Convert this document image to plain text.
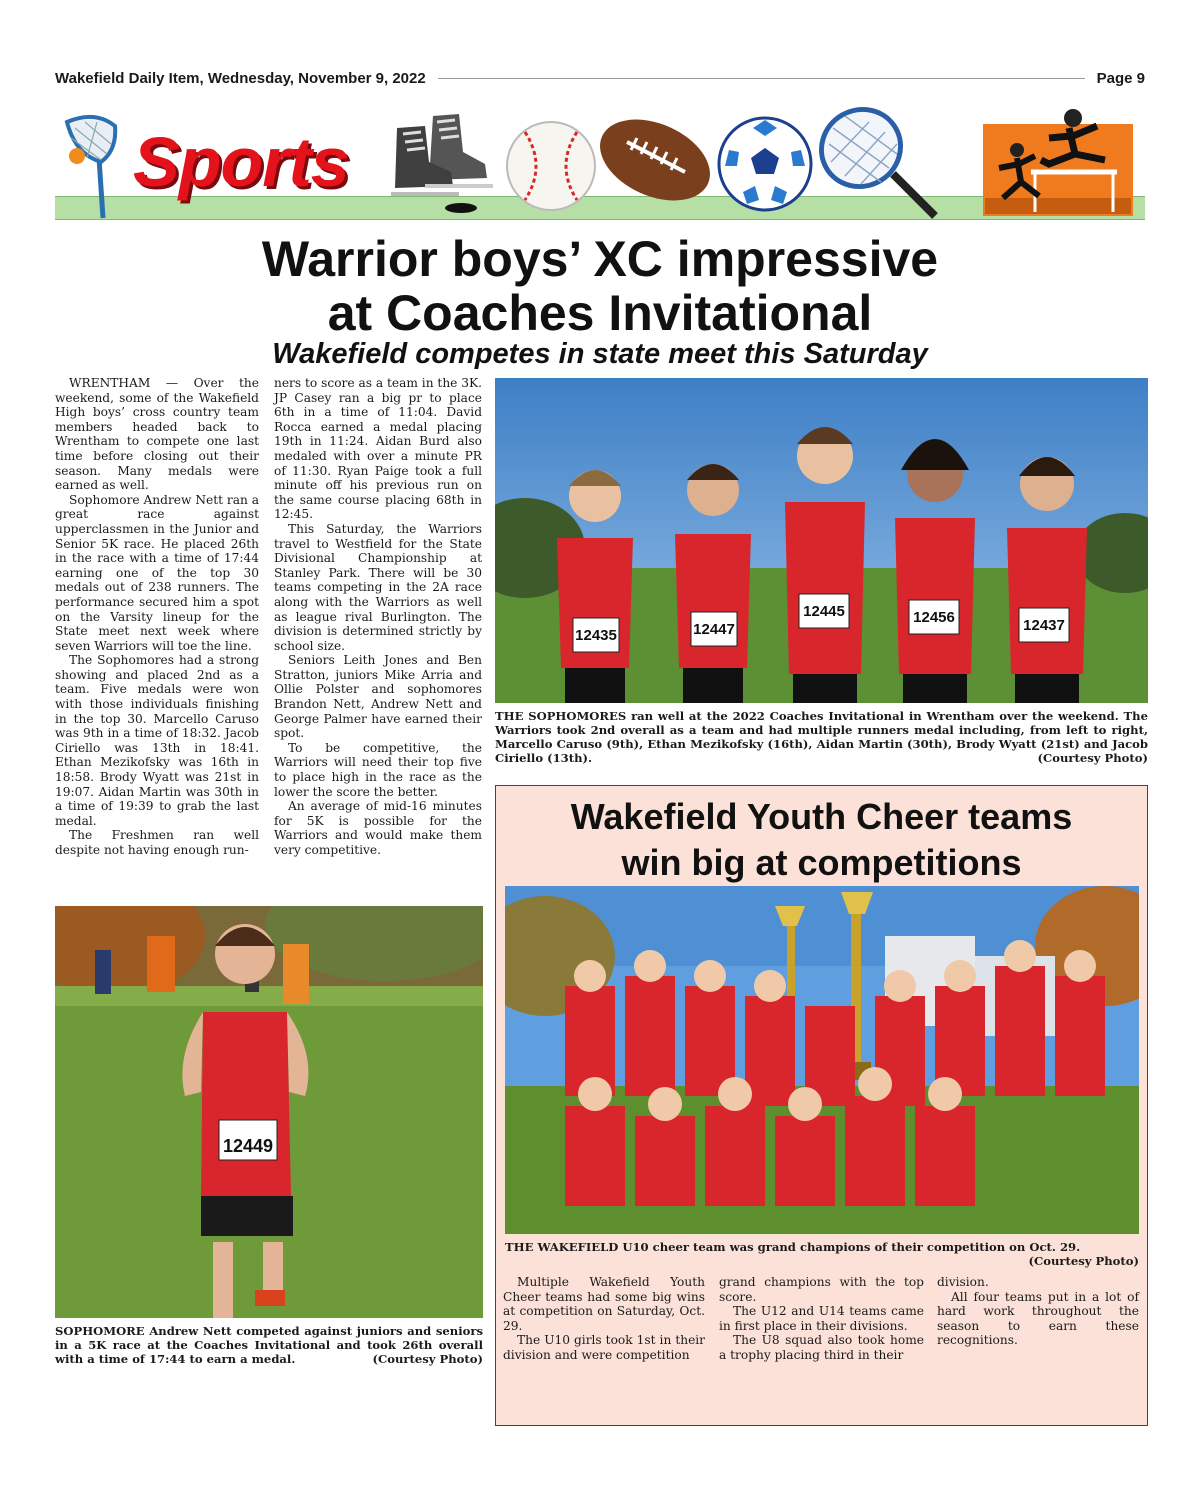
Wakefield Daily Item, Wednesday, November 9, 2022	Page 9
Sports
Warrior boys’ XC impressive
at Coaches Invitational
Wakefield competes in state meet this Saturday

WRENTHAM — Over the weekend, some of the Wakefield High boys’ cross country team members headed back to Wrentham to compete one last time before closing out their season. Many medals were earned as well.

Sophomore Andrew Nett ran a great race against upperclassmen in the Junior and Senior 5K race. He placed 26th in the race with a time of 17:44 earning one of the top 30 medals out of 238 runners. The performance secured him a spot on the Varsity lineup for the State meet next week where seven Warriors will toe the line.

The Sophomores had a strong showing and placed 2nd as a team. Five medals were won with those individuals finishing in the top 30. Marcello Caruso was 9th in a time of 18:32. Jacob Ciriello was 13th in 18:41. Ethan Mezikofsky was 16th in 18:58. Brody Wyatt was 21st in 19:07. Aidan Martin was 30th in a time of 19:39 to grab the last medal.

The Freshmen ran well despite not having enough run-

ners to score as a team in the 3K. JP Casey ran a big pr to place 6th in a time of 11:04. David Rocca earned a medal placing 19th in 11:24. Aidan Burd also medaled with over a minute PR of 11:30. Ryan Paige took a full minute off his previous run on the same course placing 68th in 12:45.

This Saturday, the Warriors travel to Westfield for the State Divisional Championship at Stanley Park. There will be 30 teams competing in the 2A race along with the Warriors as well as league rival Burlington. The division is determined strictly by school size.

Seniors Leith Jones and Ben Stratton, juniors Mike Arria and Ollie Polster and sophomores Brandon Nett, Andrew Nett and George Palmer have earned their spot.

To be competitive, the Warriors will need their top five to place high in the race as the lower the score the better.

An average of mid-16 minutes for 5K is possible for the Warriors and would make them very competitive.

12435	12447
12445	12456	12437
THE SOPHOMORES ran well at the 2022 Coaches Invitational in Wrentham over the weekend. The Warriors took 2nd overall as a team and had multiple runners medal including, from left to right, Marcello Caruso (9th), Ethan Mezikofsky (16th), Aidan Martin (30th), Brody Wyatt (21st) and Jacob Ciriello (13th).	(Courtesy Photo)
12449
SOPHOMORE Andrew Nett competed against juniors and seniors in a 5K race at the Coaches Invitational and took 26th overall with a time of 17:44 to earn a medal.	(Courtesy Photo)
Wakefield Youth Cheer teams
win big at competitions
THE WAKEFIELD U10 cheer team was grand champions of their competition on Oct. 29.
(Courtesy Photo)

Multiple Wakefield Youth Cheer teams had some big wins at competition on Saturday, Oct. 29.

The U10 girls took 1st in their division and were competition

grand champions with the top score.

The U12 and U14 teams came in first place in their divisions.

The U8 squad also took home a trophy placing third in their

division.

All four teams put in a lot of hard work throughout the season to earn these recognitions.
